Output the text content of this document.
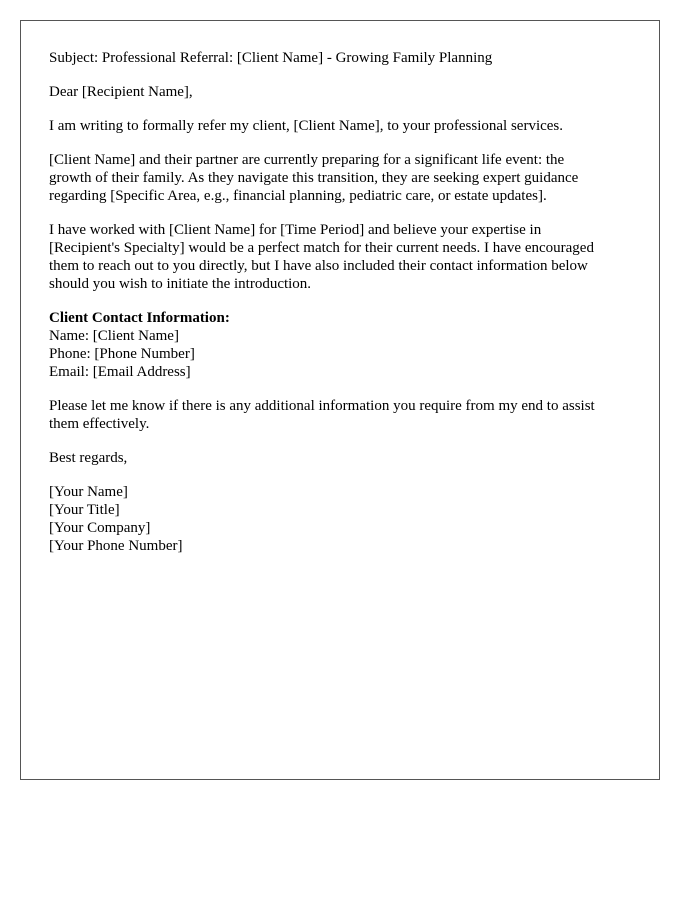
Subject: Professional Referral: [Client Name] - Growing Family Planning

Dear [Recipient Name],

I am writing to formally refer my client, [Client Name], to your professional services.

[Client Name] and their partner are currently preparing for a significant life event: the
growth of their family. As they navigate this transition, they are seeking expert guidance
regarding [Specific Area, e.g., financial planning, pediatric care, or estate updates].

I have worked with [Client Name] for [Time Period] and believe your expertise in
[Recipient's Specialty] would be a perfect match for their current needs. I have encouraged
them to reach out to you directly, but I have also included their contact information below
should you wish to initiate the introduction.

Client Contact Information:
Name: [Client Name]
Phone: [Phone Number]
Email: [Email Address]

Please let me know if there is any additional information you require from my end to assist
them effectively.

Best regards,

[Your Name]
[Your Title]
[Your Company]
[Your Phone Number]
